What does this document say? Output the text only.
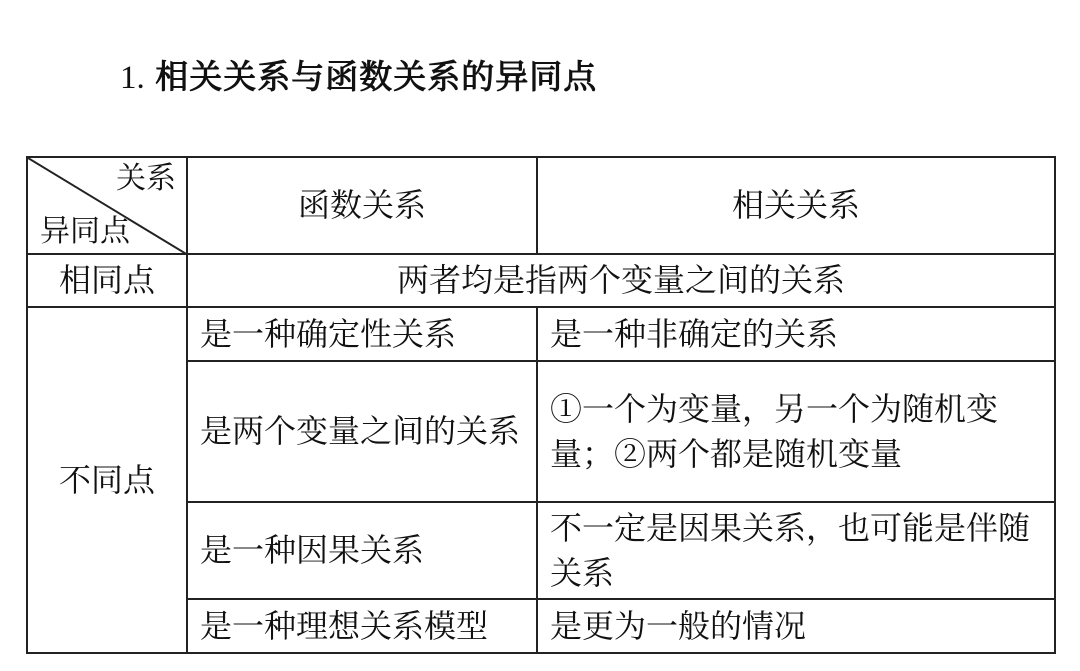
1. 相关关系与函数关系的异同点
关系
异同点	函数关系	相关关系
相同点	两者均是指两个变量之间的关系	
不同点	是一种确定性关系	是一种非确定的关系
	是两个变量之间的关系	①一个为变量，另一个为随机变量；②两个都是随机变量
	是一种因果关系	不一定是因果关系，也可能是伴随关系
	是一种理想关系模型	是更为一般的情况
